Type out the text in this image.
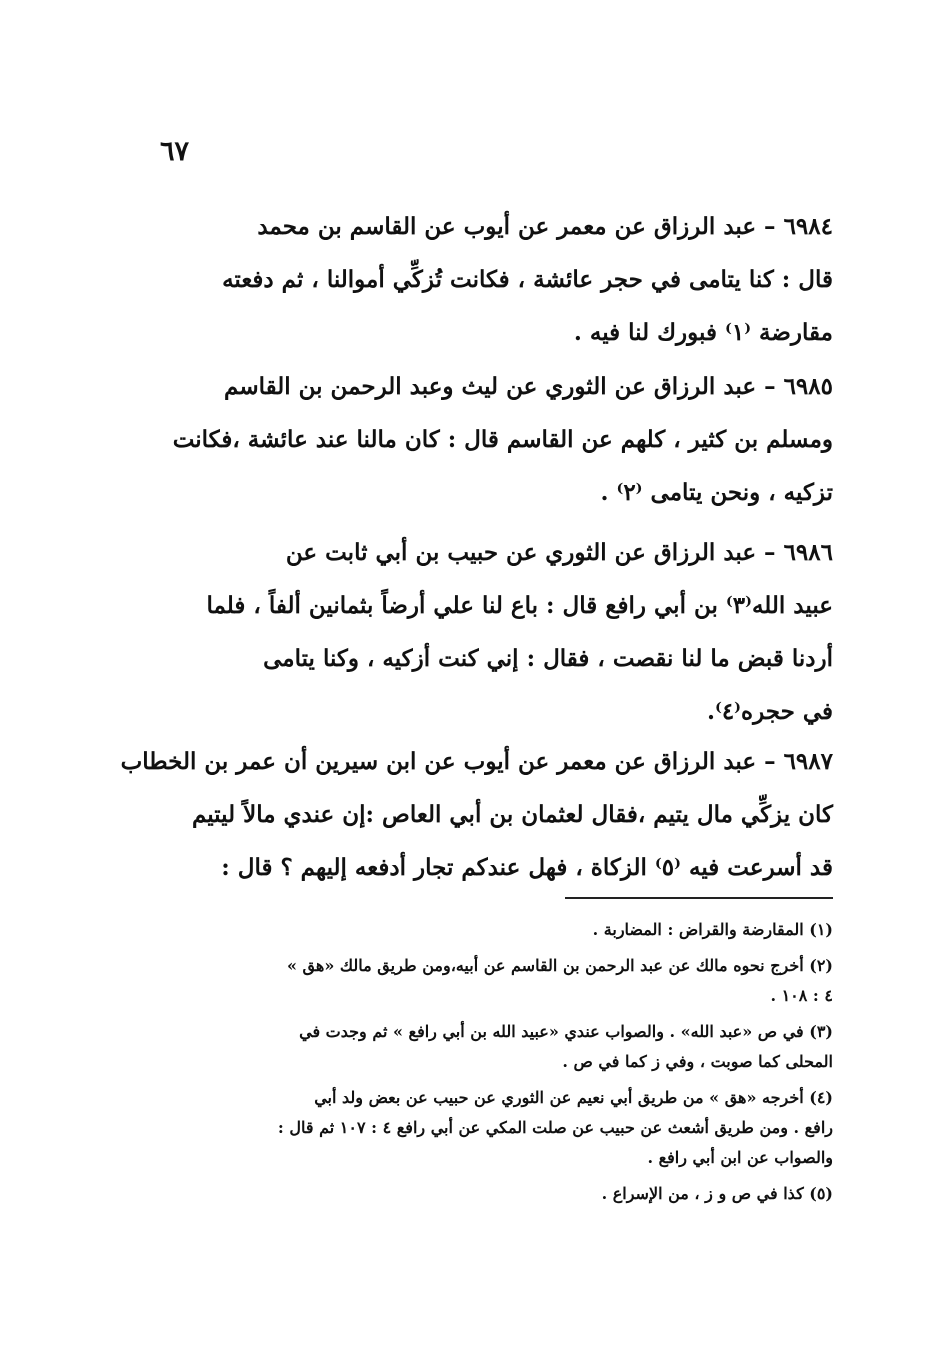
٦٧
٦٩٨٤ – عبد الرزاق عن معمر عن أيوب عن القاسم بن محمد
قال : كنا يتامى في حجر عائشة ، فكانت تُزكِّي أموالنا ، ثم دفعته
مقارضة ⁽١⁾ فبورك لنا فيه .
٦٩٨٥ – عبد الرزاق عن الثوري عن ليث وعبد الرحمن بن القاسم
ومسلم بن كثير ، كلهم عن القاسم قال : كان مالنا عند عائشة ،فكانت
تزكيه ، ونحن يتامى ⁽٢⁾ .
٦٩٨٦ – عبد الرزاق عن الثوري عن حبيب بن أبي ثابت عن
عبيد الله⁽٣⁾ بن أبي رافع قال : باع لنا علي أرضاً بثمانين ألفاً ، فلما
أردنا قبض ما لنا نقصت ، فقال : إني كنت أزكيه ، وكنا يتامى
في حجره⁽٤⁾.
٦٩٨٧ – عبد الرزاق عن معمر عن أيوب عن ابن سيرين أن عمر بن الخطاب
كان يزكِّي مال يتيم ،فقال لعثمان بن أبي العاص :إن عندي مالاً ليتيم
قد أسرعت فيه ⁽٥⁾ الزكاة ، فهل عندكم تجار أدفعه إليهم ؟ قال :
(١) المقارضة والقراض : المضاربة .
(٢) أخرج نحوه مالك عن عبد الرحمن بن القاسم عن أبيه،ومن طريق مالك «هق »
٤ : ١٠٨ .
(٣) في ص «عبد الله» . والصواب عندي «عبيد الله بن أبي رافع » ثم وجدت في
المحلى كما صوبت ، وفي ز كما في ص .
(٤) أخرجه «هق » من طريق أبي نعيم عن الثوري عن حبيب عن بعض ولد أبي
رافع . ومن طريق أشعث عن حبيب عن صلت المكي عن أبي رافع ٤ : ١٠٧ ثم قال :
والصواب عن ابن أبي رافع .
(٥) كذا في ص و ز ، من الإسراع .
